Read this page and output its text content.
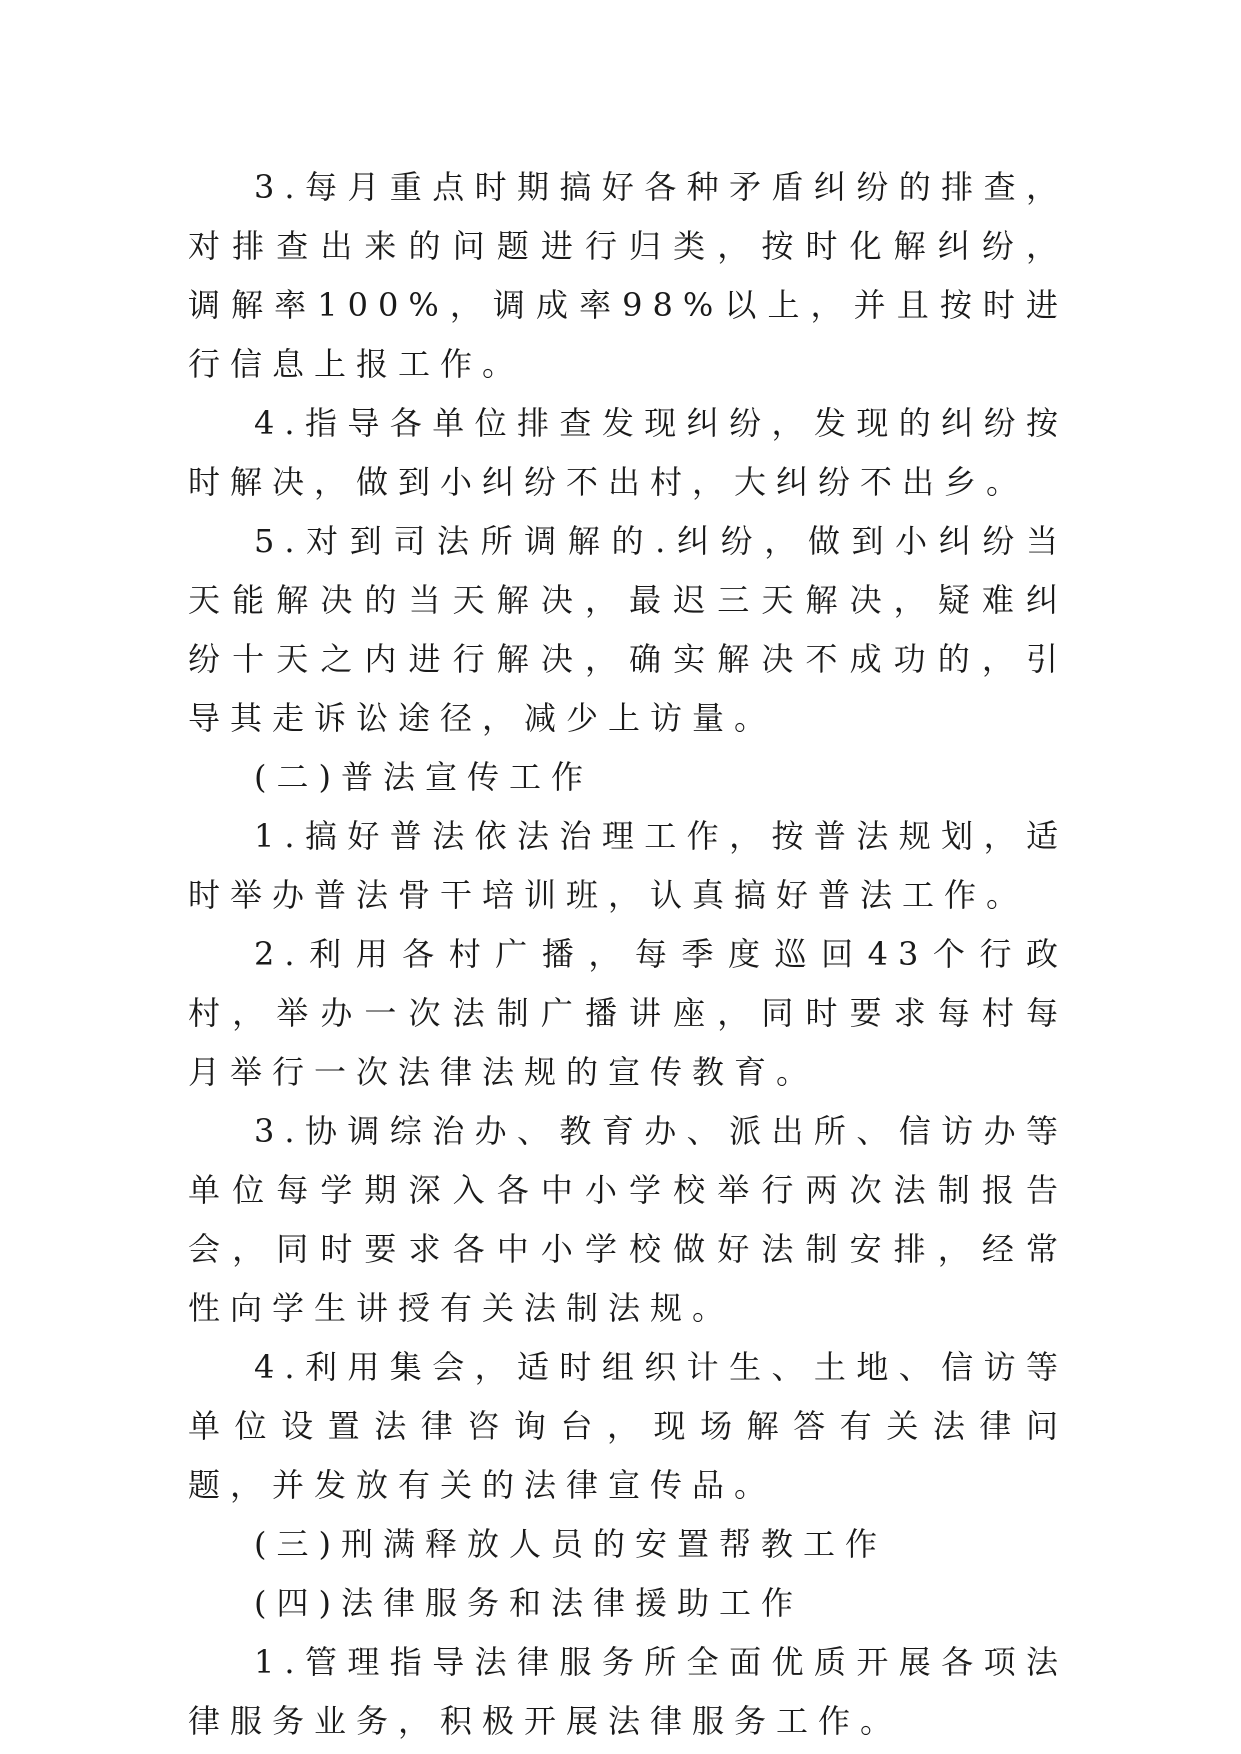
3.每月重点时期搞好各种矛盾纠纷的排查，对排查出来的问题进行归类，按时化解纠纷，调解率100%，调成率98%以上，并且按时进行信息上报工作。

4.指导各单位排查发现纠纷，发现的纠纷按时解决，做到小纠纷不出村，大纠纷不出乡。

5.对到司法所调解的.纠纷，做到小纠纷当天能解决的当天解决，最迟三天解决，疑难纠纷十天之内进行解决，确实解决不成功的，引导其走诉讼途径，减少上访量。

(二)普法宣传工作

1.搞好普法依法治理工作，按普法规划，适时举办普法骨干培训班，认真搞好普法工作。

2.利用各村广播，每季度巡回43个行政村，举办一次法制广播讲座，同时要求每村每月举行一次法律法规的宣传教育。

3.协调综治办、教育办、派出所、信访办等单位每学期深入各中小学校举行两次法制报告会，同时要求各中小学校做好法制安排，经常性向学生讲授有关法制法规。

4.利用集会，适时组织计生、土地、信访等单位设置法律咨询台，现场解答有关法律问题，并发放有关的法律宣传品。

(三)刑满释放人员的安置帮教工作

(四)法律服务和法律援助工作

1.管理指导法律服务所全面优质开展各项法律服务业务，积极开展法律服务工作。
